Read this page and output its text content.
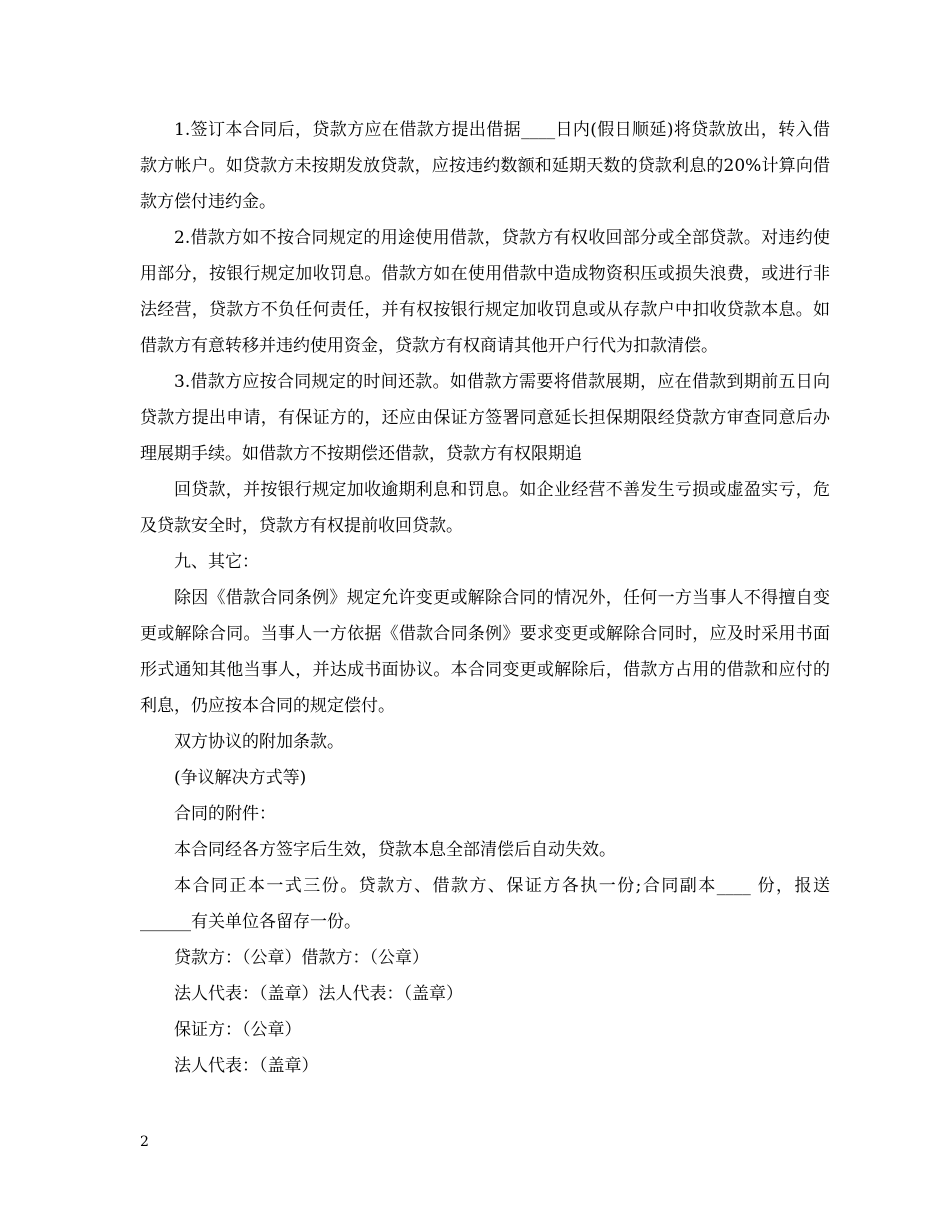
1.签订本合同后，贷款方应在借款方提出借据____日内(假日顺延)将贷款放出，转入借款方帐户。如贷款方未按期发放贷款，应按违约数额和延期天数的贷款利息的20%计算向借款方偿付违约金。

2.借款方如不按合同规定的用途使用借款，贷款方有权收回部分或全部贷款。对违约使用部分，按银行规定加收罚息。借款方如在使用借款中造成物资积压或损失浪费，或进行非法经营，贷款方不负任何责任，并有权按银行规定加收罚息或从存款户中扣收贷款本息。如借款方有意转移并违约使用资金，贷款方有权商请其他开户行代为扣款清偿。

3.借款方应按合同规定的时间还款。如借款方需要将借款展期，应在借款到期前五日向贷款方提出申请，有保证方的，还应由保证方签署同意延长担保期限经贷款方审查同意后办理展期手续。如借款方不按期偿还借款，贷款方有权限期追

回贷款，并按银行规定加收逾期利息和罚息。如企业经营不善发生亏损或虚盈实亏，危及贷款安全时，贷款方有权提前收回贷款。

九、其它：

除因《借款合同条例》规定允许变更或解除合同的情况外，任何一方当事人不得擅自变更或解除合同。当事人一方依据《借款合同条例》要求变更或解除合同时，应及时采用书面形式通知其他当事人，并达成书面协议。本合同变更或解除后，借款方占用的借款和应付的利息，仍应按本合同的规定偿付。

双方协议的附加条款。

(争议解决方式等)

合同的附件：

本合同经各方签字后生效，贷款本息全部清偿后自动失效。

本合同正本一式三份。贷款方、借款方、保证方各执一份;合同副本____ 份，报送______有关单位各留存一份。

贷款方：（公章）借款方：（公章）

法人代表：（盖章）法人代表：（盖章）

保证方：（公章）

法人代表：（盖章）

2
